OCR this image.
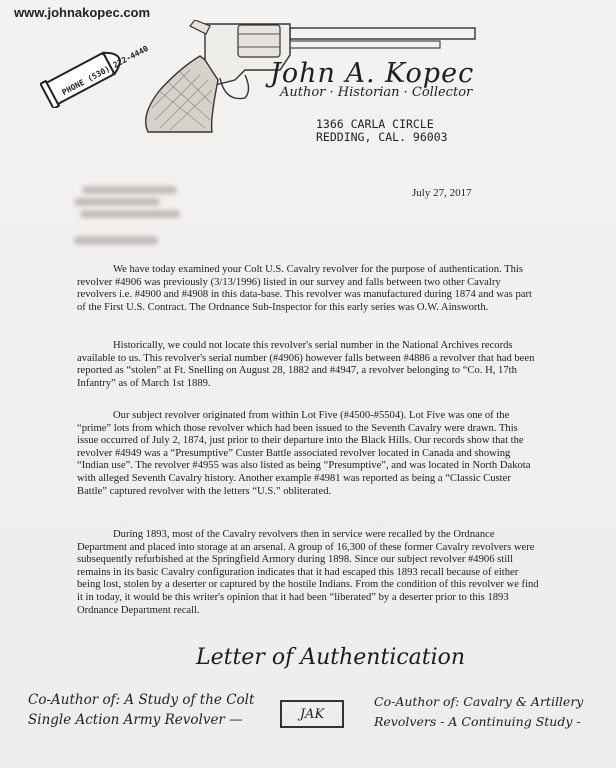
www.johnakopec.com
PHONE (530) 222-4440	John A. Kopec
Author · Historian · Collector
1366 CARLA CIRCLE
REDDING, CAL. 96003
July 27, 2017

We have today examined your Colt U.S. Cavalry revolver for the purpose of authentication. This revolver #4906 was previously (3/13/1996) listed in our survey and falls between two other Cavalry revolvers i.e. #4900 and #4908 in this data-base. This revolver was manufactured during 1874 and was part of the First U.S. Contract. The Ordnance Sub-Inspector for this early series was O.W. Ainsworth.

Historically, we could not locate this revolver's serial number in the National Archives records available to us. This revolver's serial number (#4906) however falls between #4886 a revolver that had been reported as “stolen” at Ft. Snelling on August 28, 1882 and #4947, a revolver belonging to “Co. H, 17th Infantry” as of March 1st 1889.

Our subject revolver originated from within Lot Five (#4500-#5504). Lot Five was one of the “prime” lots from which those revolver which had been issued to the Seventh Cavalry were drawn. This issue occurred of July 2, 1874, just prior to their departure into the Black Hills. Our records show that the revolver #4949 was a “Presumptive” Custer Battle associated revolver located in Canada and showing “Indian use”. The revolver #4955 was also listed as being “Presumptive”, and was located in North Dakota with alleged Seventh Cavalry history. Another example #4981 was reported as being a “Classic Custer Battle” captured revolver with the letters “U.S.” obliterated.

During 1893, most of the Cavalry revolvers then in service were recalled by the Ordnance Department and placed into storage at an arsenal. A group of 16,300 of these former Cavalry revolvers were subsequently refurbished at the Springfield Armory during 1898. Since our subject revolver #4906 still remains in its basic Cavalry configuration indicates that it had escaped this 1893 recall because of either being lost, stolen by a deserter or captured by the hostile Indians. From the condition of this revolver we find it in today, it would be this writer's opinion that it had been “liberated” by a deserter prior to this 1893 Ordnance Department recall.

Letter of Authentication
Co-Author of: A Study of the Colt Single Action Army Revolver —	JAK
Co-Author of: Cavalry & Artillery Revolvers - A Continuing Study -
